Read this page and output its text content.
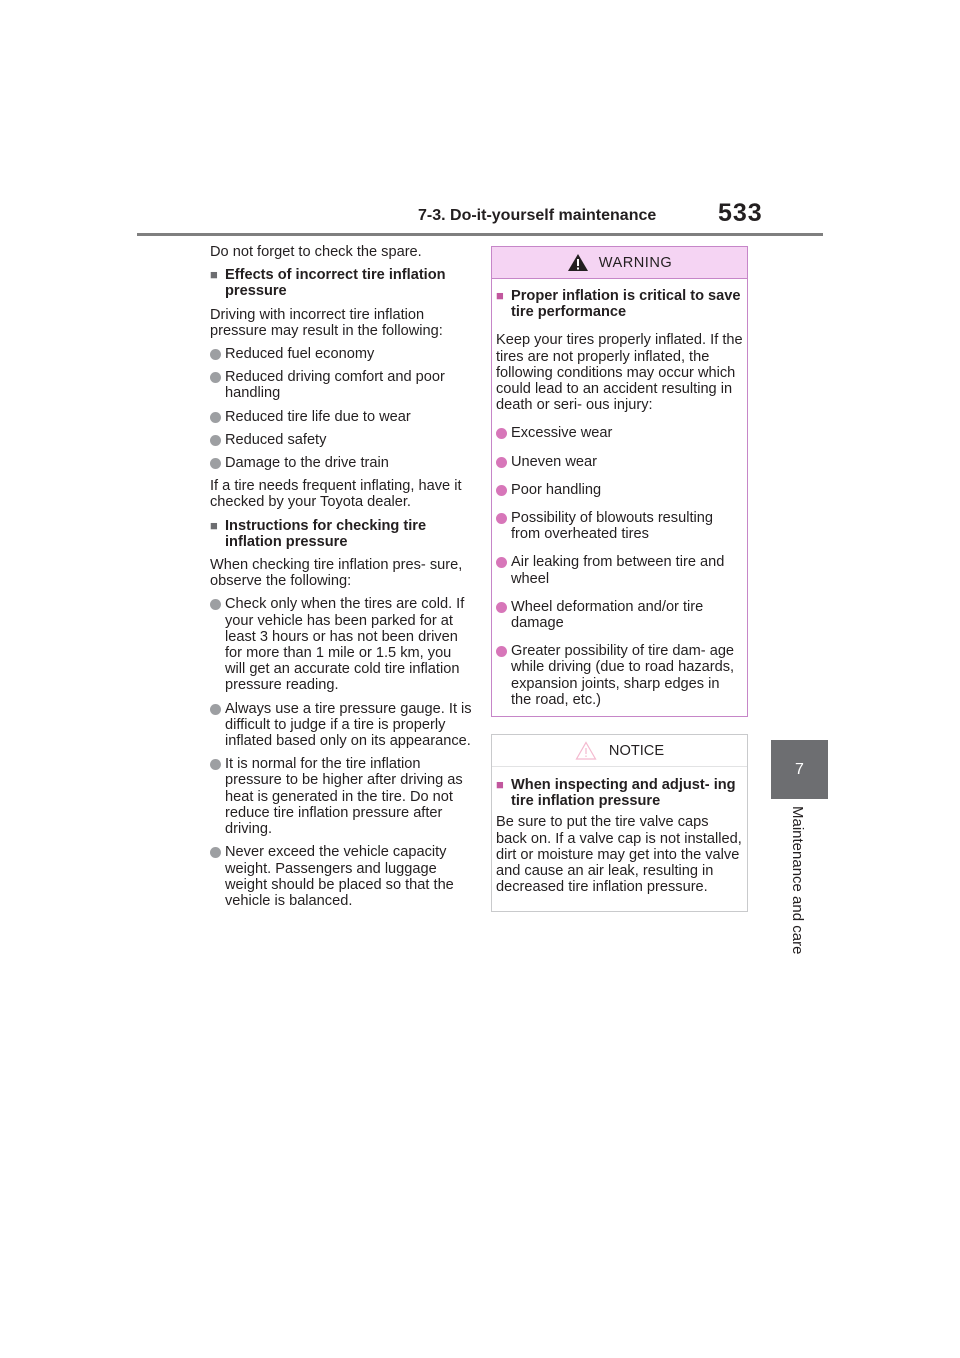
7-3. Do-it-yourself maintenance 533
7
Maintenance and care

Do not forget to check the spare.

■ Effects of incorrect tire inflation pressure

Driving with incorrect tire inflation pressure may result in the following:

Reduced fuel economy
Reduced driving comfort and poor handling
Reduced tire life due to wear
Reduced safety
Damage to the drive train

If a tire needs frequent inflating, have it checked by your Toyota dealer.

■ Instructions for checking tire inflation pressure

When checking tire inflation pres- sure, observe the following:

Check only when the tires are cold. If your vehicle has been parked for at least 3 hours or has not been driven for more than 1 mile or 1.5 km, you will get an accurate cold tire inflation pressure reading.
Always use a tire pressure gauge. It is difficult to judge if a tire is properly inflated based only on its appearance.
It is normal for the tire inflation pressure to be higher after driving as heat is generated in the tire. Do not reduce tire inflation pressure after driving.
Never exceed the vehicle capacity weight. Passengers and luggage weight should be placed so that the vehicle is balanced.
WARNING
■ Proper inflation is critical to save tire performance

Keep your tires properly inflated. If the tires are not properly inflated, the following conditions may occur which could lead to an accident resulting in death or seri- ous injury:

Excessive wear
Uneven wear
Poor handling
Possibility of blowouts resulting from overheated tires
Air leaking from between tire and wheel
Wheel deformation and/or tire damage
Greater possibility of tire dam- age while driving (due to road hazards, expansion joints, sharp edges in the road, etc.)
NOTICE
■ When inspecting and adjust- ing tire inflation pressure

Be sure to put the tire valve caps back on. If a valve cap is not installed, dirt or moisture may get into the valve and cause an air leak, resulting in decreased tire inflation pressure.
